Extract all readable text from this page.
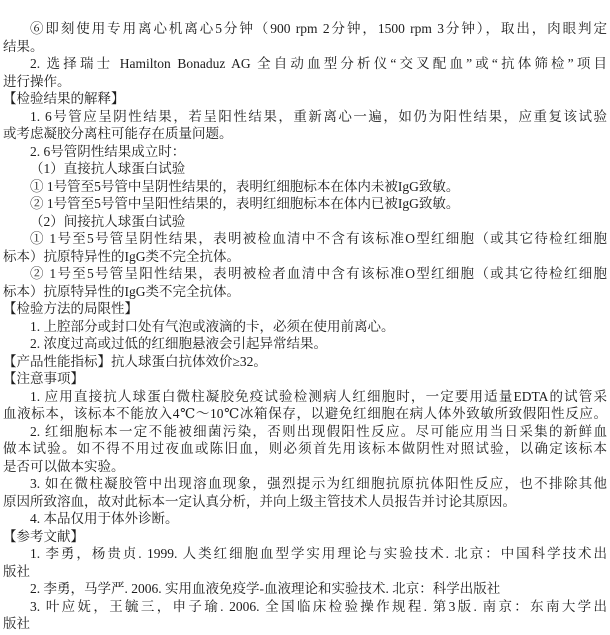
⑥即刻使用专用离心机离心5分钟（900 rpm 2分钟，1500 rpm 3分钟），取出，肉眼判定
结果。
2. 选择瑞士 Hamilton Bonaduz AG 全自动血型分析仪“交叉配血”或“抗体筛检”项目
进行操作。
【检验结果的解释】
1. 6号管应呈阴性结果，若呈阳性结果，重新离心一遍，如仍为阳性结果，应重复该试验
或考虑凝胶分离柱可能存在质量问题。
2. 6号管阴性结果成立时：
（1）直接抗人球蛋白试验
① 1号管至5号管中呈阴性结果的，表明红细胞标本在体内未被IgG致敏。
② 1号管至5号管中呈阳性结果的，表明红细胞标本在体内已被IgG致敏。
（2）间接抗人球蛋白试验
① 1号至5号管呈阴性结果，表明被检血清中不含有该标准O型红细胞（或其它待检红细胞
标本）抗原特异性的IgG类不完全抗体。
② 1号至5号管呈阳性结果，表明被检者血清中含有该标准O型红细胞（或其它待检红细胞
标本）抗原特异性的IgG类不完全抗体。
【检验方法的局限性】
1. 上腔部分或封口处有气泡或液滴的卡，必须在使用前离心。
2. 浓度过高或过低的红细胞悬液会引起异常结果。
【产品性能指标】抗人球蛋白抗体效价≥32。
【注意事项】
1. 应用直接抗人球蛋白微柱凝胶免疫试验检测病人红细胞时，一定要用适量EDTA的试管采
血液标本，该标本不能放入4℃～10℃冰箱保存，以避免红细胞在病人体外致敏所致假阳性反应。
2. 红细胞标本一定不能被细菌污染，否则出现假阳性反应。尽可能应用当日采集的新鲜血
做本试验。如不得不用过夜血或陈旧血，则必须首先用该标本做阴性对照试验，以确定该标本
是否可以做本实验。
3. 如在微柱凝胶管中出现溶血现象，强烈提示为红细胞抗原抗体阳性反应，也不排除其他
原因所致溶血，故对此标本一定认真分析，并向上级主管技术人员报告并讨论其原因。
4. 本品仅用于体外诊断。
【参考文献】
1. 李勇，杨贵贞. 1999. 人类红细胞血型学实用理论与实验技术. 北京：中国科学技术出
版社
2. 李勇，马学严. 2006. 实用血液免疫学-血液理论和实验技术. 北京：科学出版社
3. 叶应妩，王毓三，申子瑜. 2006. 全国临床检验操作规程. 第3版. 南京：东南大学出
版社
